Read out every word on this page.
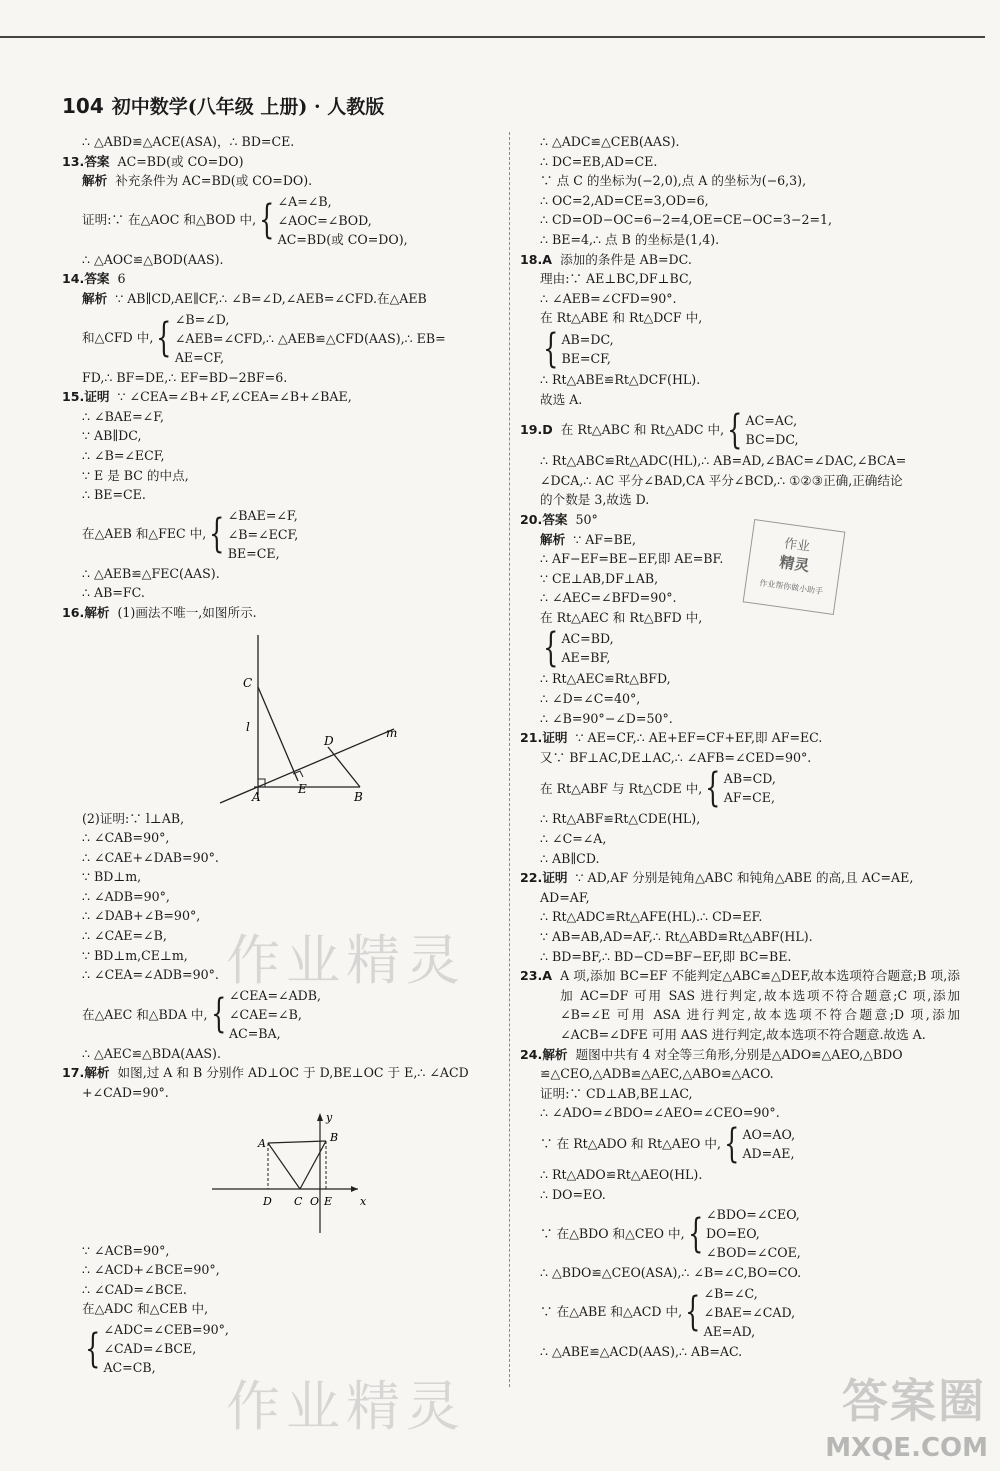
104 初中数学(八年级 上册) · 人教版
∴ △ABD≌△ACE(ASA)，∴ BD=CE.
13.答案 AC=BD(或 CO=DO)
解析 补充条件为 AC=BD(或 CO=DO).
证明:∵ 在△AOC 和△BOD 中, { ∠A=∠B,
∠AOC=∠BOD,
AC=BD(或 CO=DO),
∴ △AOC≌△BOD(AAS).
14.答案 6
解析 ∵ AB∥CD,AE∥CF,∴ ∠B=∠D,∠AEB=∠CFD.在△AEB
和△CFD 中, { ∠B=∠D,
∠AEB=∠CFD,∴ △AEB≌△CFD(AAS),∴ EB=
AE=CF,
FD,∴ BF=DE,∴ EF=BD−2BF=6.
15.证明 ∵ ∠CEA=∠B+∠F,∠CEA=∠B+∠BAE,
∴ ∠BAE=∠F,
∵ AB∥DC,
∴ ∠B=∠ECF,
∵ E 是 BC 的中点,
∴ BE=CE.
在△AEB 和△FEC 中, { ∠BAE=∠F,
∠B=∠ECF,
BE=CE,
∴ △AEB≌△FEC(AAS).
∴ AB=FC.
16.解析 (1)画法不唯一,如图所示.
C
l
D
m
E
A	B
(2)证明:∵ l⊥AB,
∴ ∠CAB=90°,
∴ ∠CAE+∠DAB=90°.
∵ BD⊥m,
∴ ∠ADB=90°,
∴ ∠DAB+∠B=90°,
∴ ∠CAE=∠B,
∵ BD⊥m,CE⊥m,
∴ ∠CEA=∠ADB=90°.
在△AEC 和△BDA 中, { ∠CEA=∠ADB,
∠CAE=∠B,
AC=BA,
∴ △AEC≌△BDA(AAS).
17.解析 如图,过 A 和 B 分别作 AD⊥OC 于 D,BE⊥OC 于 E,∴ ∠ACD
+∠CAD=90°.
y
x
A	B
D C O E
∵ ∠ACB=90°,
∴ ∠ACD+∠BCE=90°,
∴ ∠CAD=∠BCE.
在△ADC 和△CEB 中,
{ ∠ADC=∠CEB=90°,
∠CAD=∠BCE,
AC=CB,
∴ △ADC≌△CEB(AAS).
∴ DC=EB,AD=CE.
∵ 点 C 的坐标为(−2,0),点 A 的坐标为(−6,3),
∴ OC=2,AD=CE=3,OD=6,
∴ CD=OD−OC=6−2=4,OE=CE−OC=3−2=1,
∴ BE=4,∴ 点 B 的坐标是(1,4).
18.A 添加的条件是 AB=DC.
理由:∵ AE⊥BC,DF⊥BC,
∴ ∠AEB=∠CFD=90°.
在 Rt△ABE 和 Rt△DCF 中,
{ AB=DC,
BE=CF,
∴ Rt△ABE≌Rt△DCF(HL).
故选 A.
19.D
在 Rt△ABC 和 Rt△ADC 中, { AC=AC,
BC=DC,
∴ Rt△ABC≌Rt△ADC(HL),∴ AB=AD,∠BAC=∠DAC,∠BCA=
∠DCA,∴ AC 平分∠BAD,CA 平分∠BCD,∴ ①②③正确,正确结论
的个数是 3,故选 D.
20.答案 50°
解析 ∵ AF=BE,
∴ AF−EF=BE−EF,即 AE=BF.
∵ CE⊥AB,DF⊥AB,
∴ ∠AEC=∠BFD=90°.
在 Rt△AEC 和 Rt△BFD 中,
{ AC=BD,
AE=BF,
∴ Rt△AEC≌Rt△BFD,
∴ ∠D=∠C=40°,
∴ ∠B=90°−∠D=50°.
21.证明 ∵ AE=CF,∴ AE+EF=CF+EF,即 AF=EC.
又∵ BF⊥AC,DE⊥AC,∴ ∠AFB=∠CED=90°.
在 Rt△ABF 与 Rt△CDE 中, { AB=CD,
AF=CE,
∴ Rt△ABF≌Rt△CDE(HL),
∴ ∠C=∠A,
∴ AB∥CD.
22.证明 ∵ AD,AF 分别是钝角△ABC 和钝角△ABE 的高,且 AC=AE,
AD=AF,
∴ Rt△ADC≌Rt△AFE(HL).∴ CD=EF.
∵ AB=AB,AD=AF,∴ Rt△ABD≌Rt△ABF(HL).
∴ BD=BF,∴ BD−CD=BF−EF,即 BC=BE.
23.A A 项,添加 BC=EF 不能判定△ABC≌△DEF,故本选项符合题意;B 项,添加 AC=DF 可用 SAS 进行判定,故本选项不符合题意;C 项,添加∠B=∠E 可用 ASA 进行判定,故本选项不符合题意;D 项,添加∠ACB=∠DFE 可用 AAS 进行判定,故本选项不符合题意.故选 A.
24.解析 题图中共有 4 对全等三角形,分别是△ADO≌△AEO,△BDO
≌△CEO,△ADB≌△AEC,△ABO≌△ACO.
证明:∵ CD⊥AB,BE⊥AC,
∴ ∠ADO=∠BDO=∠AEO=∠CEO=90°.
∵ 在 Rt△ADO 和 Rt△AEO 中, { AO=AO,
AD=AE,
∴ Rt△ADO≌Rt△AEO(HL).
∴ DO=EO.
∵ 在△BDO 和△CEO 中, { ∠BDO=∠CEO,
DO=EO,
∠BOD=∠COE,
∴ △BDO≌△CEO(ASA),∴ ∠B=∠C,BO=CO.
∵ 在△ABE 和△ACD 中, { ∠B=∠C,
∠BAE=∠CAD,
AE=AD,
∴ △ABE≌△ACD(AAS),∴ AB=AC.
作业
精灵
作业帮你做小助手
作业精灵
作业精灵	答案圈
MXQE.COM
